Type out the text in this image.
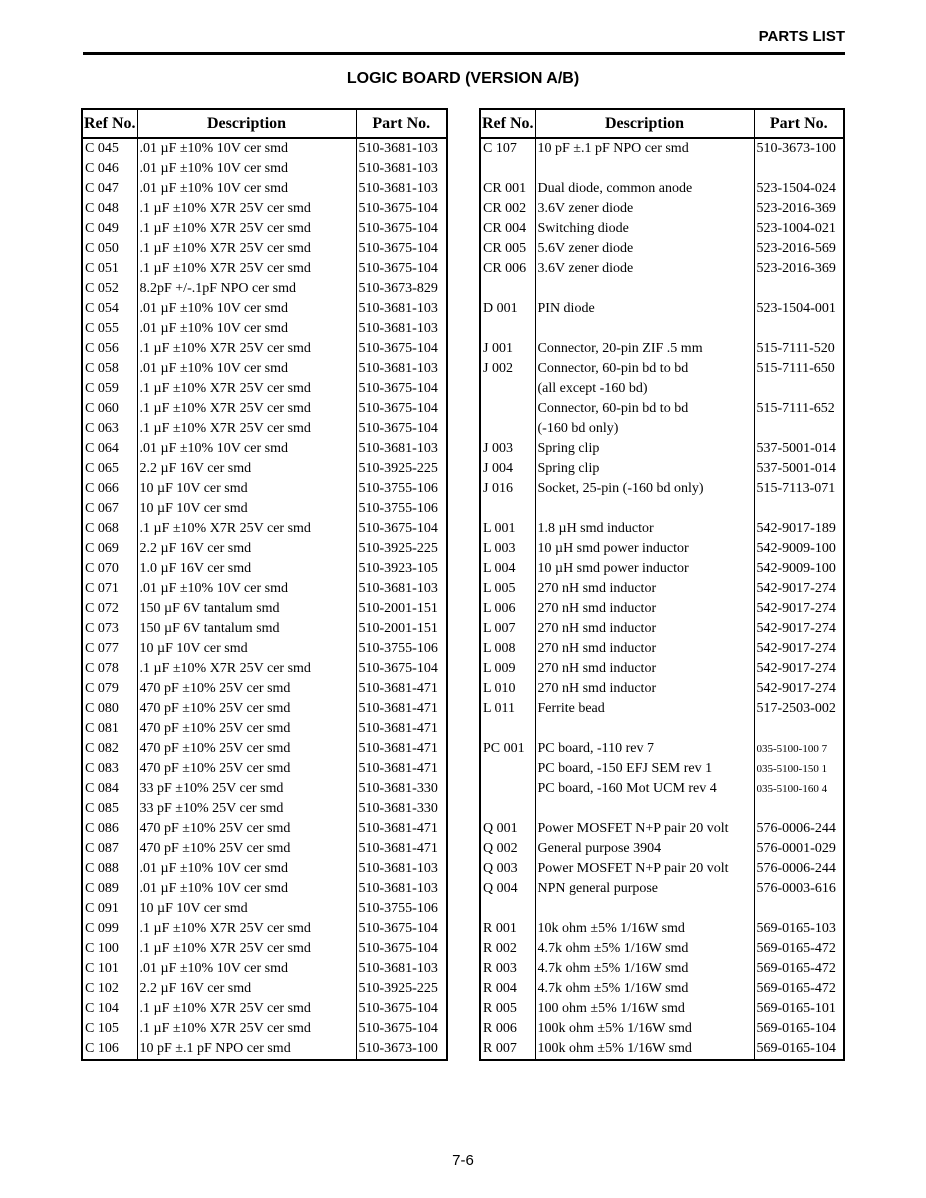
PARTS LIST
LOGIC BOARD (VERSION A/B)
Ref No.	Description	Part No.
C 045	.01 µF ±10% 10V cer smd	510-3681-103
C 046	.01 µF ±10% 10V cer smd	510-3681-103
C 047	.01 µF ±10% 10V cer smd	510-3681-103
C 048	.1 µF ±10% X7R 25V cer smd	510-3675-104
C 049	.1 µF ±10% X7R 25V cer smd	510-3675-104
C 050	.1 µF ±10% X7R 25V cer smd	510-3675-104
C 051	.1 µF ±10% X7R 25V cer smd	510-3675-104
C 052	8.2pF +/-.1pF NPO cer smd	510-3673-829
C 054	.01 µF ±10% 10V cer smd	510-3681-103
C 055	.01 µF ±10% 10V cer smd	510-3681-103
C 056	.1 µF ±10% X7R 25V cer smd	510-3675-104
C 058	.01 µF ±10% 10V cer smd	510-3681-103
C 059	.1 µF ±10% X7R 25V cer smd	510-3675-104
C 060	.1 µF ±10% X7R 25V cer smd	510-3675-104
C 063	.1 µF ±10% X7R 25V cer smd	510-3675-104
C 064	.01 µF ±10% 10V cer smd	510-3681-103
C 065	2.2 µF 16V cer smd	510-3925-225
C 066	10 µF 10V cer smd	510-3755-106
C 067	10 µF 10V cer smd	510-3755-106
C 068	.1 µF ±10% X7R 25V cer smd	510-3675-104
C 069	2.2 µF 16V cer smd	510-3925-225
C 070	1.0 µF 16V cer smd	510-3923-105
C 071	.01 µF ±10% 10V cer smd	510-3681-103
C 072	150 µF 6V tantalum smd	510-2001-151
C 073	150 µF 6V tantalum smd	510-2001-151
C 077	10 µF 10V cer smd	510-3755-106
C 078	.1 µF ±10% X7R 25V cer smd	510-3675-104
C 079	470 pF ±10% 25V cer smd	510-3681-471
C 080	470 pF ±10% 25V cer smd	510-3681-471
C 081	470 pF ±10% 25V cer smd	510-3681-471
C 082	470 pF ±10% 25V cer smd	510-3681-471
C 083	470 pF ±10% 25V cer smd	510-3681-471
C 084	33 pF ±10% 25V cer smd	510-3681-330
C 085	33 pF ±10% 25V cer smd	510-3681-330
C 086	470 pF ±10% 25V cer smd	510-3681-471
C 087	470 pF ±10% 25V cer smd	510-3681-471
C 088	.01 µF ±10% 10V cer smd	510-3681-103
C 089	.01 µF ±10% 10V cer smd	510-3681-103
C 091	10 µF 10V cer smd	510-3755-106
C 099	.1 µF ±10% X7R 25V cer smd	510-3675-104
C 100	.1 µF ±10% X7R 25V cer smd	510-3675-104
C 101	.01 µF ±10% 10V cer smd	510-3681-103
C 102	2.2 µF 16V cer smd	510-3925-225
C 104	.1 µF ±10% X7R 25V cer smd	510-3675-104
C 105	.1 µF ±10% X7R 25V cer smd	510-3675-104
C 106	10 pF ±.1 pF NPO cer smd	510-3673-100
Ref No.	Description	Part No.
C 107	10 pF ±.1 pF NPO cer smd	510-3673-100

CR 001	Dual diode, common anode	523-1504-024
CR 002	3.6V zener diode	523-2016-369
CR 004	Switching diode	523-1004-021
CR 005	5.6V zener diode	523-2016-569
CR 006	3.6V zener diode	523-2016-369

D 001	PIN diode	523-1504-001

J 001	Connector, 20-pin ZIF .5 mm	515-7111-520
J 002	Connector, 60-pin bd to bd	515-7111-650
	(all except -160 bd)	
	Connector, 60-pin bd to bd	515-7111-652
	(-160 bd only)	
J 003	Spring clip	537-5001-014
J 004	Spring clip	537-5001-014
J 016	Socket, 25-pin (-160 bd only)	515-7113-071

L 001	1.8 µH smd inductor	542-9017-189
L 003	10 µH smd power inductor	542-9009-100
L 004	10 µH smd power inductor	542-9009-100
L 005	270 nH smd inductor	542-9017-274
L 006	270 nH smd inductor	542-9017-274
L 007	270 nH smd inductor	542-9017-274
L 008	270 nH smd inductor	542-9017-274
L 009	270 nH smd inductor	542-9017-274
L 010	270 nH smd inductor	542-9017-274
L 011	Ferrite bead	517-2503-002

PC 001	PC board, -110 rev 7	035-5100-100 7
	PC board, -150 EFJ SEM rev 1	035-5100-150 1
	PC board, -160 Mot UCM rev 4	035-5100-160 4

Q 001	Power MOSFET N+P pair 20 volt	576-0006-244
Q 002	General purpose 3904	576-0001-029
Q 003	Power MOSFET N+P pair 20 volt	576-0006-244
Q 004	NPN general purpose	576-0003-616

R 001	10k ohm ±5% 1/16W smd	569-0165-103
R 002	4.7k ohm ±5% 1/16W smd	569-0165-472
R 003	4.7k ohm ±5% 1/16W smd	569-0165-472
R 004	4.7k ohm ±5% 1/16W smd	569-0165-472
R 005	100 ohm ±5% 1/16W smd	569-0165-101
R 006	100k ohm ±5% 1/16W smd	569-0165-104
R 007	100k ohm ±5% 1/16W smd	569-0165-104
7-6
